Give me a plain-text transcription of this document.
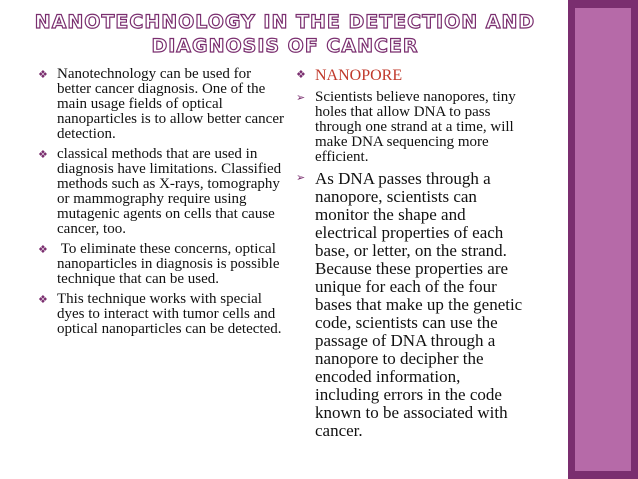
NANOTECHNOLOGY IN THE DETECTION AND
DIAGNOSIS OF CANCER
❖ Nanotechnology can be used for better cancer diagnosis. One of the main usage fields of optical nanoparticles is to allow better cancer detection.
❖ classical methods that are used in diagnosis have limitations. Classified methods such as X-rays, tomography or mammography require using mutagenic agents on cells that cause cancer, too.
❖ To eliminate these concerns, optical nanoparticles in diagnosis is possible technique that can be used.
❖ This technique works with special dyes to interact with tumor cells and optical nanoparticles can be detected.
❖ NANOPORE
➢ Scientists believe nanopores, tiny holes that allow DNA to pass through one strand at a time, will make DNA sequencing more efficient.
➢ As DNA passes through a nanopore, scientists can monitor the shape and electrical properties of each base, or letter, on the strand. Because these properties are unique for each of the four bases that make up the genetic code, scientists can use the passage of DNA through a nanopore to decipher the encoded information, including errors in the code known to be associated with cancer.
